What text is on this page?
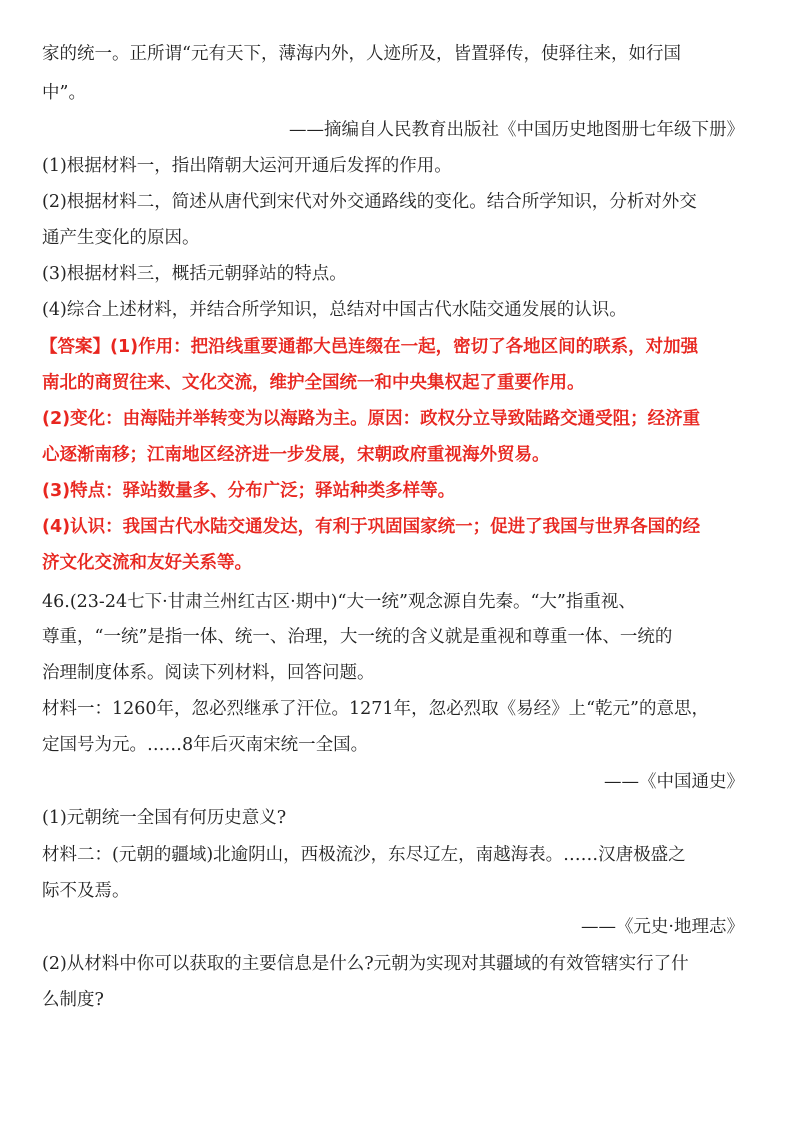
家的统一。正所谓“元有天下，薄海内外，人迹所及，皆置驿传，使驿往来，如行国
中”。
——摘编自人民教育出版社《中国历史地图册七年级下册》
(1)根据材料一，指出隋朝大运河开通后发挥的作用。
(2)根据材料二，简述从唐代到宋代对外交通路线的变化。结合所学知识，分析对外交
通产生变化的原因。
(3)根据材料三，概括元朝驿站的特点。
(4)综合上述材料，并结合所学知识，总结对中国古代水陆交通发展的认识。
【答案】(1)作用：把沿线重要通都大邑连缀在一起，密切了各地区间的联系，对加强
南北的商贸往来、文化交流，维护全国统一和中央集权起了重要作用。
(2)变化：由海陆并举转变为以海路为主。原因：政权分立导致陆路交通受阻；经济重
心逐渐南移；江南地区经济进一步发展，宋朝政府重视海外贸易。
(3)特点：驿站数量多、分布广泛；驿站种类多样等。
(4)认识：我国古代水陆交通发达，有利于巩固国家统一；促进了我国与世界各国的经
济文化交流和友好关系等。
46.(23-24七下·甘肃兰州红古区·期中)“大一统”观念源自先秦。“大”指重视、
尊重，“一统”是指一体、统一、治理，大一统的含义就是重视和尊重一体、一统的
治理制度体系。阅读下列材料，回答问题。
材料一：1260年，忽必烈继承了汗位。1271年，忽必烈取《易经》上“乾元”的意思，
定国号为元。……8年后灭南宋统一全国。
——《中国通史》
(1)元朝统一全国有何历史意义?
材料二：(元朝的疆域)北逾阴山，西极流沙，东尽辽左，南越海表。……汉唐极盛之
际不及焉。
——《元史·地理志》
(2)从材料中你可以获取的主要信息是什么?元朝为实现对其疆域的有效管辖实行了什
么制度?
